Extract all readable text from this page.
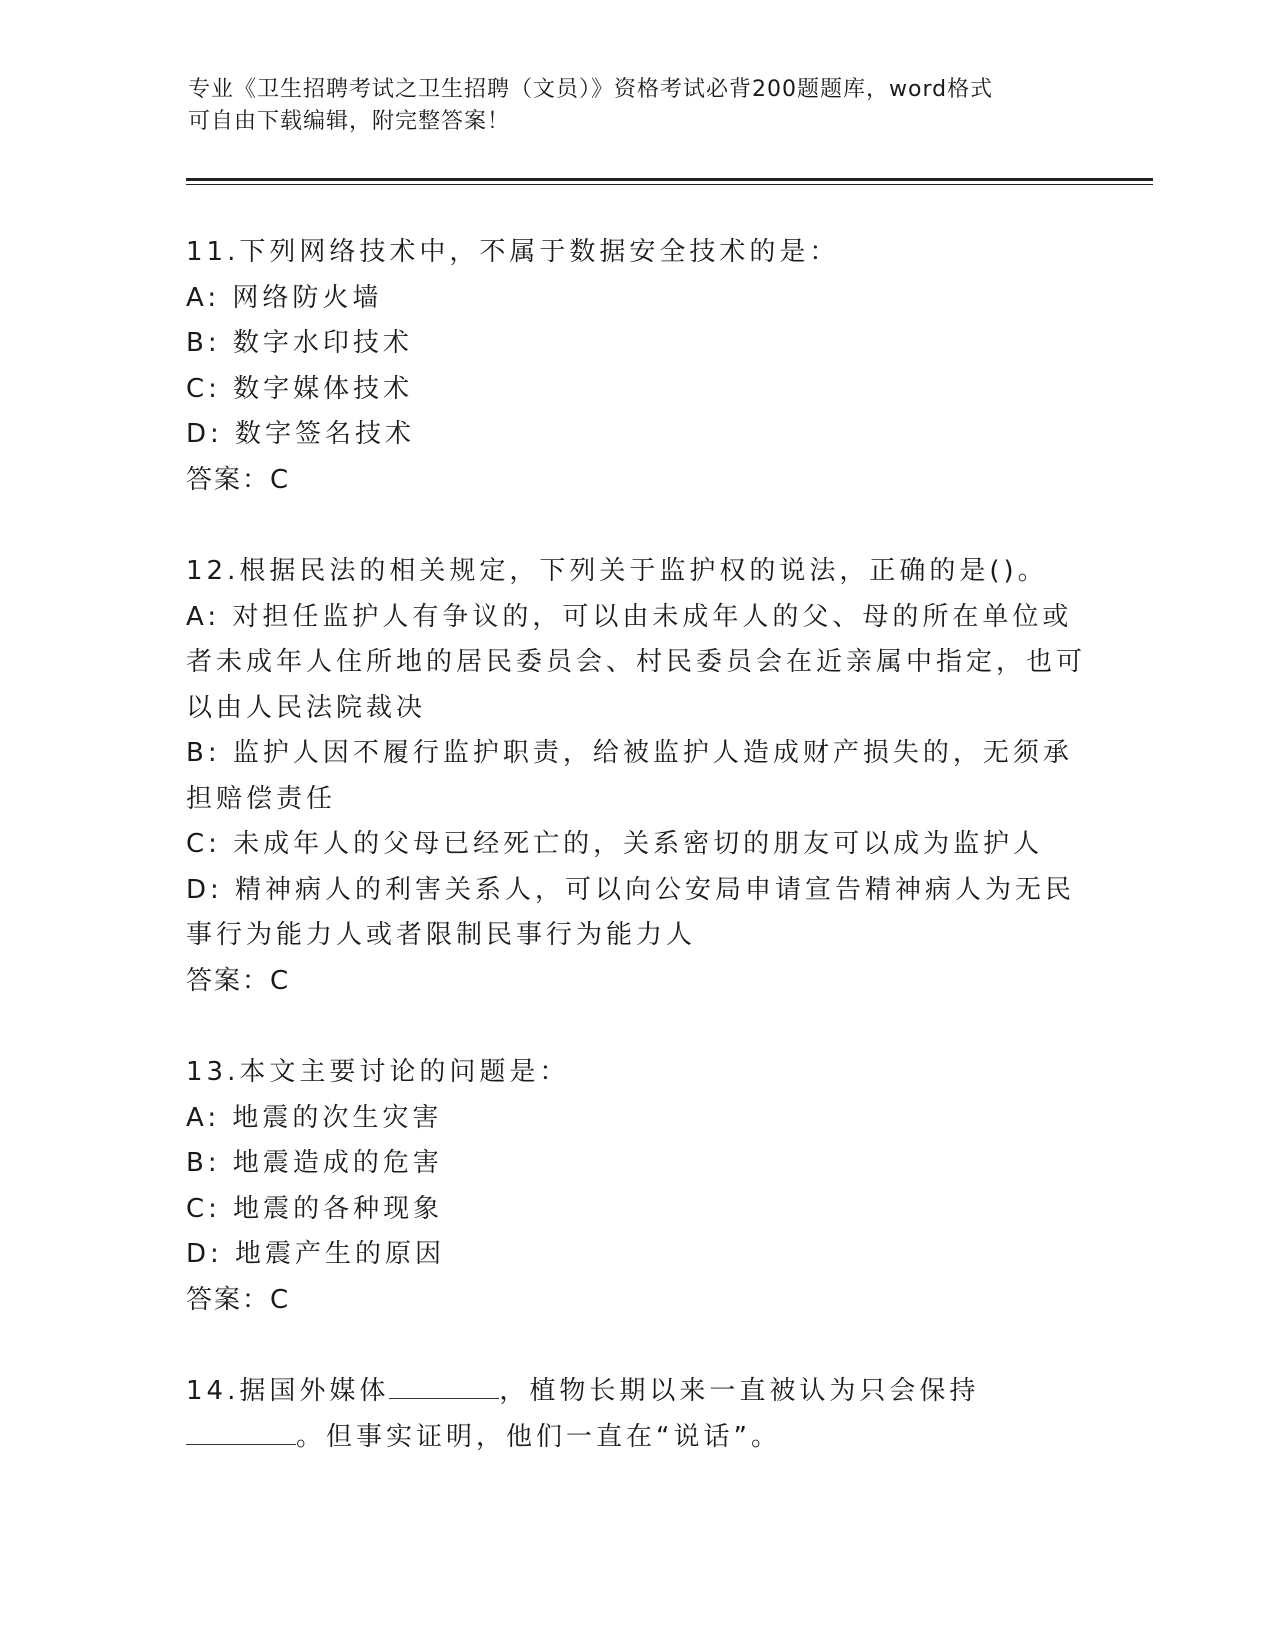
专业《卫生招聘考试之卫生招聘（文员）》资格考试必背200题题库，word格式
可自由下载编辑，附完整答案！
11.下列网络技术中，不属于数据安全技术的是：
A: 网络防火墙
B: 数字水印技术
C: 数字媒体技术
D: 数字签名技术
答案：C
12.根据民法的相关规定，下列关于监护权的说法，正确的是()。
A: 对担任监护人有争议的，可以由未成年人的父、母的所在单位或者未成年人住所地的居民委员会、村民委员会在近亲属中指定，也可以由人民法院裁决
B: 监护人因不履行监护职责，给被监护人造成财产损失的，无须承担赔偿责任
C: 未成年人的父母已经死亡的，关系密切的朋友可以成为监护人
D: 精神病人的利害关系人，可以向公安局申请宣告精神病人为无民事行为能力人或者限制民事行为能力人
答案：C
13.本文主要讨论的问题是：
A: 地震的次生灾害
B: 地震造成的危害
C: 地震的各种现象
D: 地震产生的原因
答案：C
14.据国外媒体	，植物长期以来一直被认为只会保持。但事实证明，他们一直在“说话”。
